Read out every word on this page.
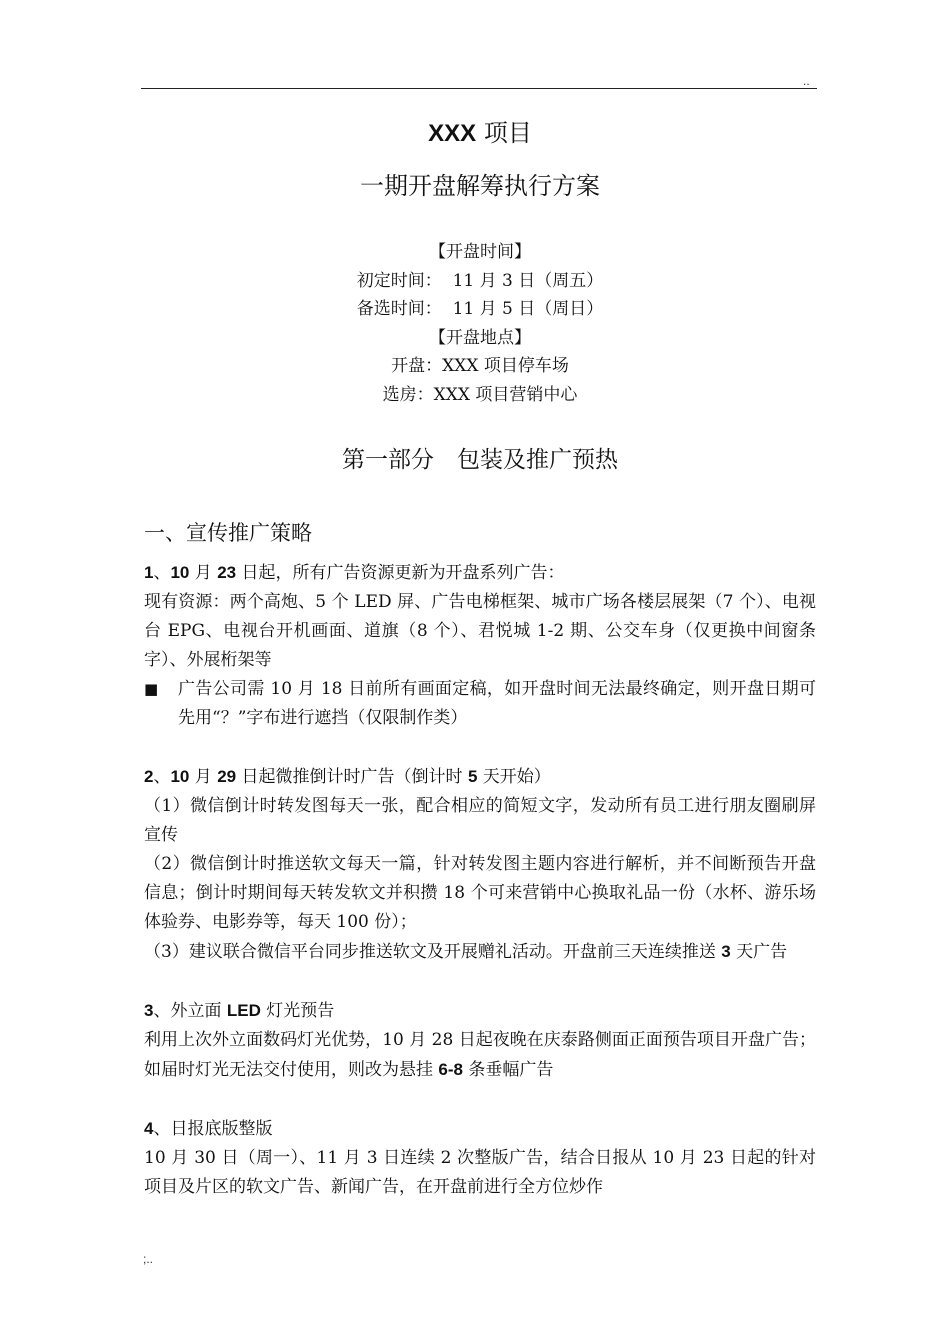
..

XXX 项目

一期开盘解筹执行方案

【开盘时间】

初定时间： 11 月 3 日（周五）

备选时间： 11 月 5 日（周日）

【开盘地点】

开盘：XXX 项目停车场

选房：XXX 项目营销中心

第一部分　包装及推广预热

一、宣传推广策略

1、10 月 23 日起，所有广告资源更新为开盘系列广告：

现有资源：两个高炮、5 个 LED 屏、广告电梯框架、城市广场各楼层展架（7 个）、电视台 EPG、电视台开机画面、道旗（8 个）、君悦城 1-2 期、公交车身（仅更换中间窗条字）、外展桁架等

■	广告公司需 10 月 18 日前所有画面定稿，如开盘时间无法最终确定，则开盘日期可先用“？”字布进行遮挡（仅限制作类）

2、10 月 29 日起微推倒计时广告（倒计时 5 天开始）

（1）微信倒计时转发图每天一张，配合相应的简短文字，发动所有员工进行朋友圈刷屏宣传

（2）微信倒计时推送软文每天一篇，针对转发图主题内容进行解析，并不间断预告开盘信息；倒计时期间每天转发软文并积攒 18 个可来营销中心换取礼品一份（水杯、游乐场体验券、电影券等，每天 100 份）；

（3）建议联合微信平台同步推送软文及开展赠礼活动。开盘前三天连续推送 3 天广告

3、外立面 LED 灯光预告

利用上次外立面数码灯光优势，10 月 28 日起夜晚在庆泰路侧面正面预告项目开盘广告；如届时灯光无法交付使用，则改为悬挂 6-8 条垂幅广告

4、日报底版整版

10 月 30 日（周一）、11 月 3 日连续 2 次整版广告，结合日报从 10 月 23 日起的针对项目及片区的软文广告、新闻广告，在开盘前进行全方位炒作

;..
